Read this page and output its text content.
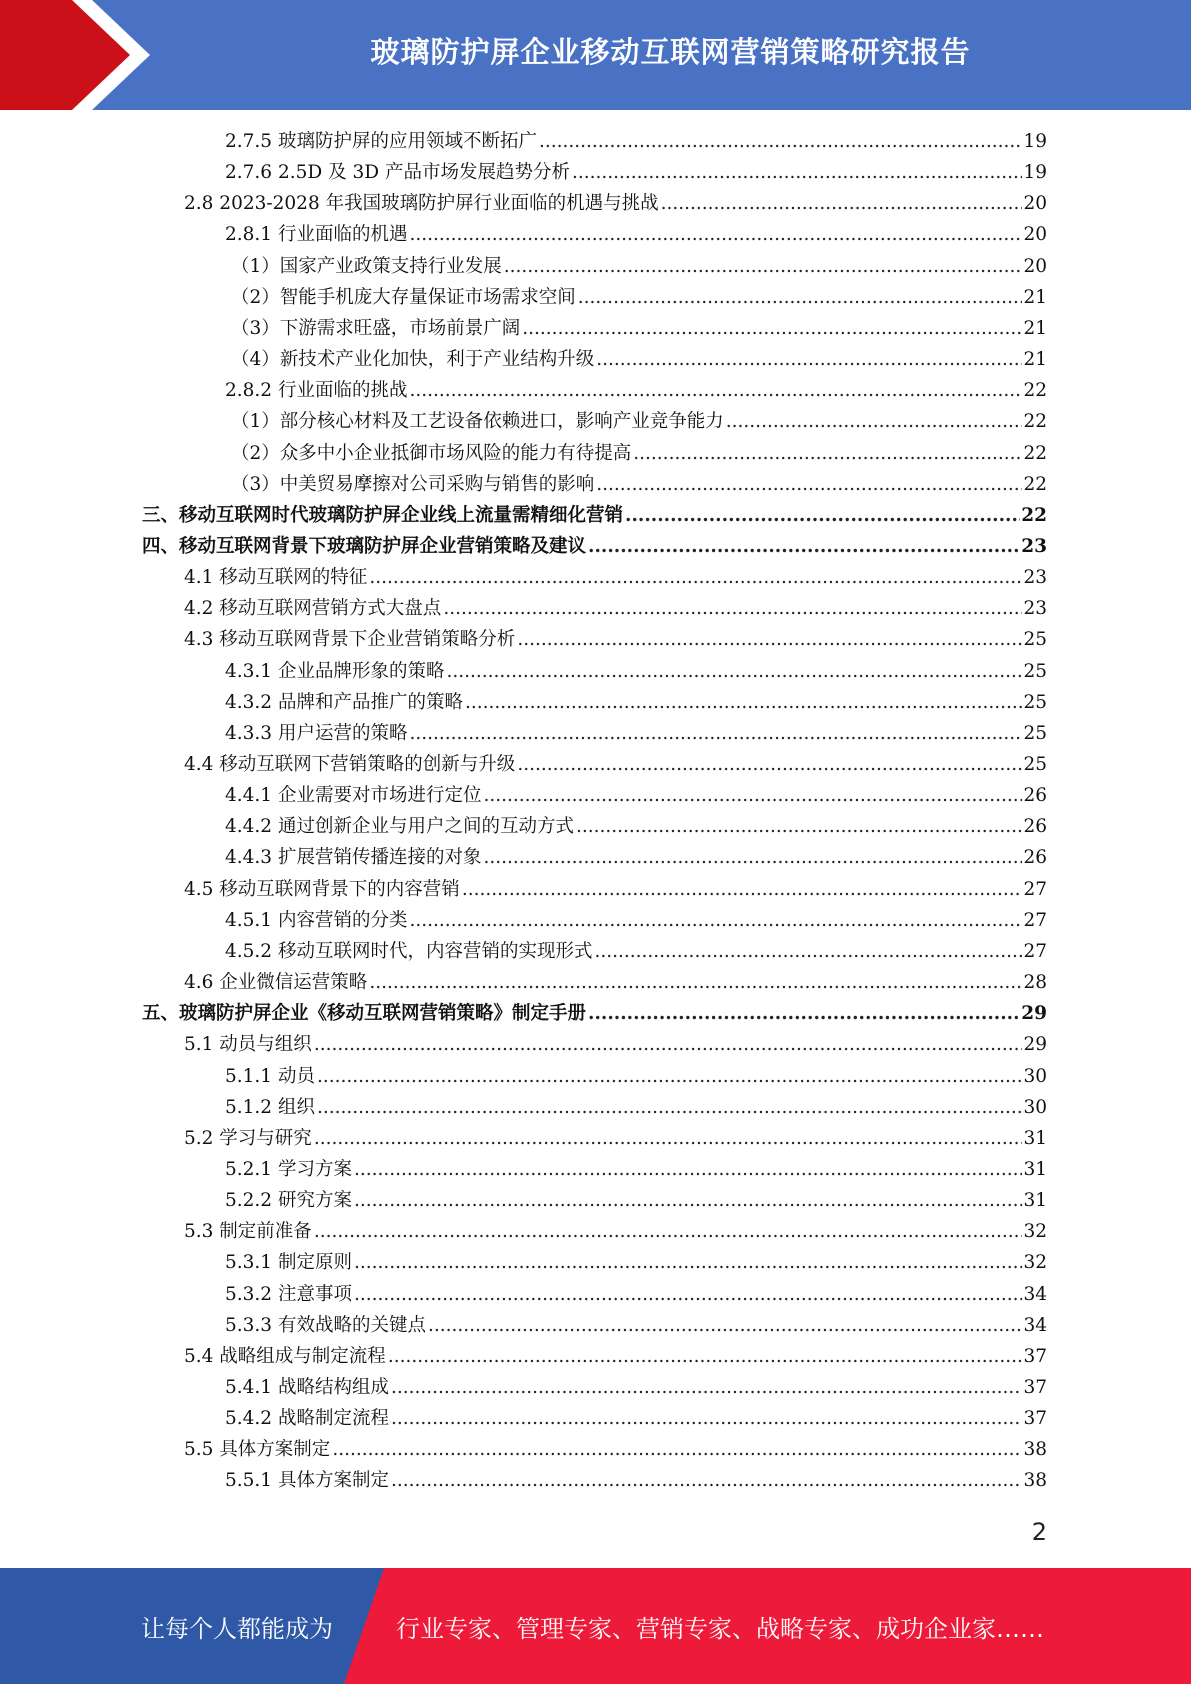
玻璃防护屏企业移动互联网营销策略研究报告
2.7.5 玻璃防护屏的应用领域不断拓广 .....	19
2.7.6 2.5D 及 3D 产品市场发展趋势分析 .....	19
2.8 2023-2028 年我国玻璃防护屏行业面临的机遇与挑战 .....	20
2.8.1 行业面临的机遇 .....	20
（1）国家产业政策支持行业发展 .....	20
（2）智能手机庞大存量保证市场需求空间 .....	21
（3）下游需求旺盛，市场前景广阔 .....	21
（4）新技术产业化加快，利于产业结构升级 .....	21
2.8.2 行业面临的挑战 .....	22
（1）部分核心材料及工艺设备依赖进口，影响产业竞争能力 .....	22
（2）众多中小企业抵御市场风险的能力有待提高 .....	22
（3）中美贸易摩擦对公司采购与销售的影响 .....	22
三、移动互联网时代玻璃防护屏企业线上流量需精细化营销 .....	22
四、移动互联网背景下玻璃防护屏企业营销策略及建议 .....	23
4.1 移动互联网的特征 .....	23
4.2 移动互联网营销方式大盘点 .....	23
4.3 移动互联网背景下企业营销策略分析 .....	25
4.3.1 企业品牌形象的策略 .....	25
4.3.2 品牌和产品推广的策略 .....	25
4.3.3 用户运营的策略 .....	25
4.4 移动互联网下营销策略的创新与升级 .....	25
4.4.1 企业需要对市场进行定位 .....	26
4.4.2 通过创新企业与用户之间的互动方式 .....	26
4.4.3 扩展营销传播连接的对象 .....	26
4.5 移动互联网背景下的内容营销 .....	27
4.5.1 内容营销的分类 .....	27
4.5.2 移动互联网时代，内容营销的实现形式 .....	27
4.6 企业微信运营策略 .....	28
五、玻璃防护屏企业《移动互联网营销策略》制定手册 .....	29
5.1 动员与组织 .....	29
5.1.1 动员 .....	30
5.1.2 组织 .....	30
5.2 学习与研究 .....	31
5.2.1 学习方案 .....	31
5.2.2 研究方案 .....	31
5.3 制定前准备 .....	32
5.3.1 制定原则 .....	32
5.3.2 注意事项 .....	34
5.3.3 有效战略的关键点 .....	34
5.4 战略组成与制定流程 .....	37
5.4.1 战略结构组成 .....	37
5.4.2 战略制定流程 .....	37
5.5 具体方案制定 .....	38
5.5.1 具体方案制定 .....	38
2
让每个人都能成为	行业专家、管理专家、营销专家、战略专家、成功企业家……
